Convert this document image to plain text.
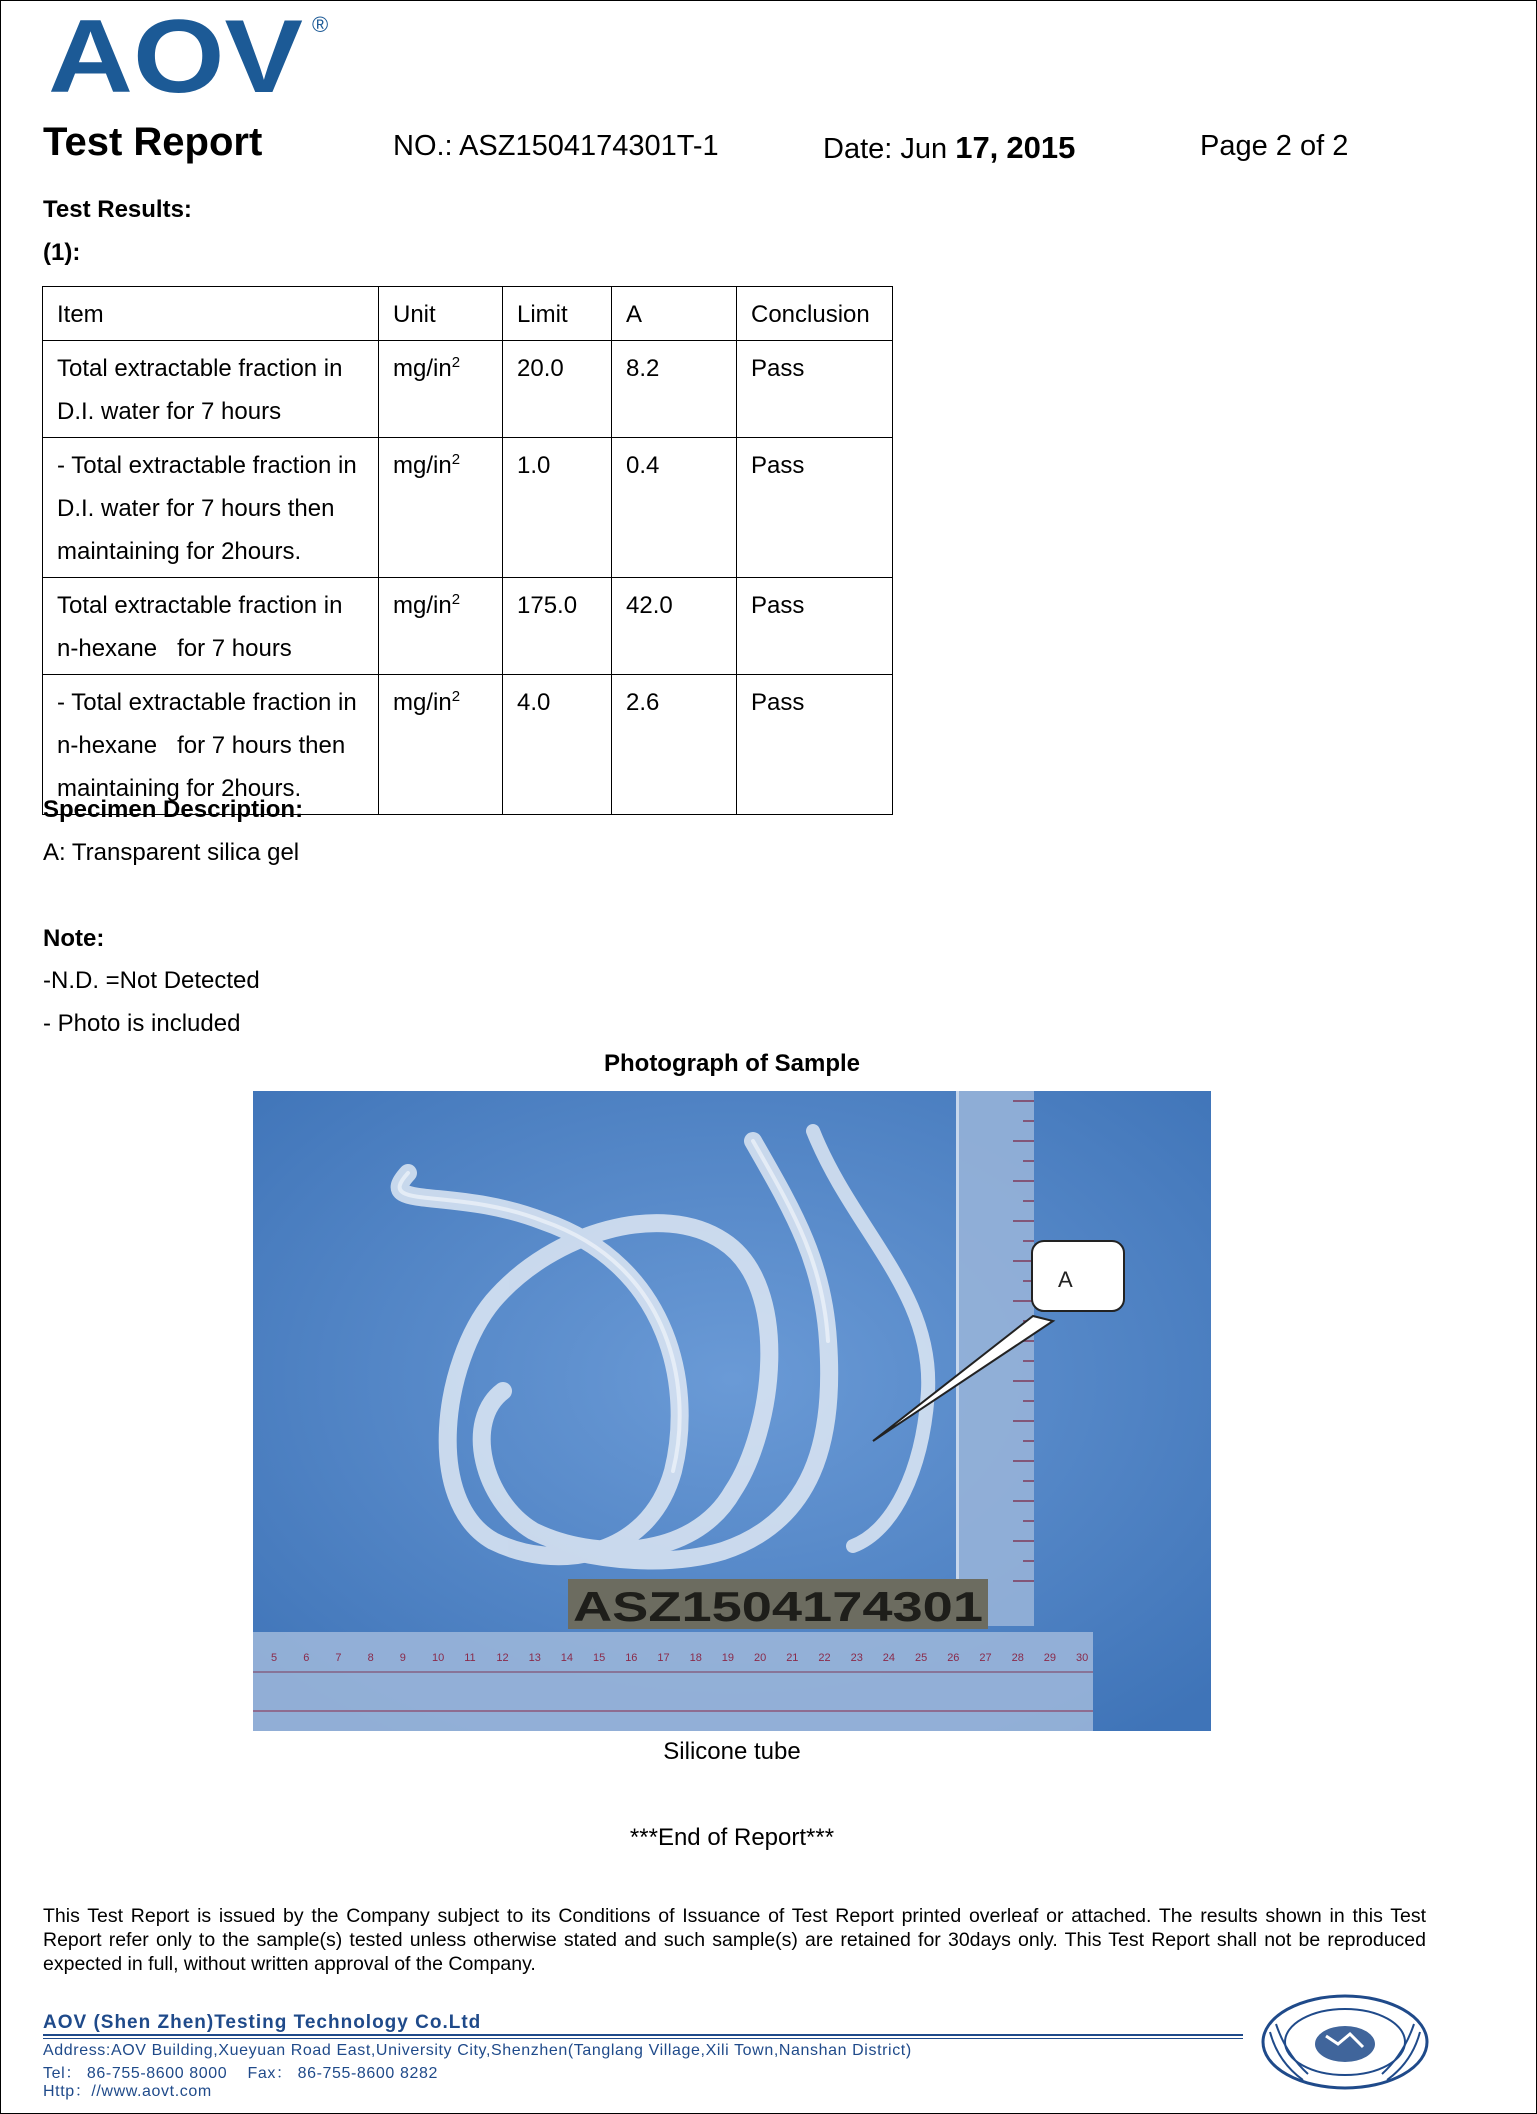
AOV ®
Test Report	NO.: ASZ1504174301T-1	Date: Jun 17, 2015	Page 2 of 2
Test Results:
(1):
Item	Unit	Limit	A	Conclusion

Total extractable fraction in
D.I. water for 7 hours	$mg/in^2$	20.0	8.2	Pass

- Total extractable fraction in
D.I. water for 7 hours then
maintaining for 2hours.	$mg/in^2$	1.0	0.4	Pass

Total extractable fraction in
n-hexane   for 7 hours	$mg/in^2$	175.0	42.0	Pass

- Total extractable fraction in
n-hexane   for 7 hours then
maintaining for 2hours.	$mg/in^2$	4.0	2.6	Pass
Specimen Description:
A: Transparent silica gel
Note:
-N.D. =Not Detected
- Photo is included
Photograph of Sample
5 6 7 8 9 10 11 12 13 14 15 16 17 18 19 20 21 22 23 24 25 26 27 28 29 30
A
ASZ1504174301
Silicone tube
***End of Report***
This Test Report is issued by the Company subject to its Conditions of Issuance of Test Report printed overleaf or attached. The results shown in this Test Report refer only to the sample(s) tested unless otherwise stated and such sample(s) are retained for 30days only. This Test Report shall not be reproduced expected in full, without written approval of the Company.
AOV (Shen Zhen)Testing Technology Co.Ltd
Address:AOV Building,Xueyuan Road East,University City,Shenzhen(Tanglang Village,Xili Town,Nanshan District)
Tel： 86-755-8600 8000    Fax： 86-755-8600 8282
Http：//www.aovt.com
